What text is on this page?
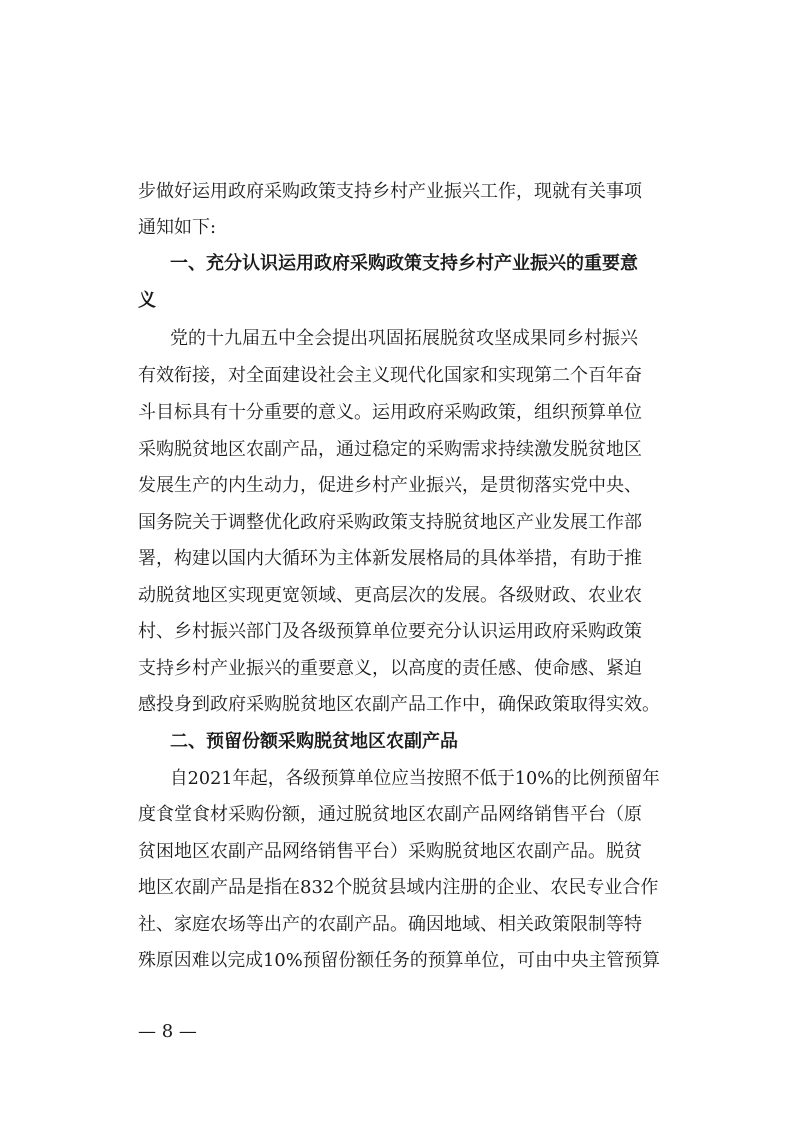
步做好运用政府采购政策支持乡村产业振兴工作，现就有关事项
通知如下:
一、充分认识运用政府采购政策支持乡村产业振兴的重要意
义
党的十九届五中全会提出巩固拓展脱贫攻坚成果同乡村振兴
有效衔接，对全面建设社会主义现代化国家和实现第二个百年奋
斗目标具有十分重要的意义。运用政府采购政策，组织预算单位
采购脱贫地区农副产品，通过稳定的采购需求持续激发脱贫地区
发展生产的内生动力，促进乡村产业振兴，是贯彻落实党中央、
国务院关于调整优化政府采购政策支持脱贫地区产业发展工作部
署，构建以国内大循环为主体新发展格局的具体举措，有助于推
动脱贫地区实现更宽领域、更高层次的发展。各级财政、农业农
村、乡村振兴部门及各级预算单位要充分认识运用政府采购政策
支持乡村产业振兴的重要意义，以高度的责任感、使命感、紧迫
感投身到政府采购脱贫地区农副产品工作中，确保政策取得实效。
二、预留份额采购脱贫地区农副产品
自2021年起，各级预算单位应当按照不低于10%的比例预留年
度食堂食材采购份额，通过脱贫地区农副产品网络销售平台（原
贫困地区农副产品网络销售平台）采购脱贫地区农副产品。脱贫
地区农副产品是指在832个脱贫县域内注册的企业、农民专业合作
社、家庭农场等出产的农副产品。确因地域、相关政策限制等特
殊原因难以完成10%预留份额任务的预算单位，可由中央主管预算
— 8 —
